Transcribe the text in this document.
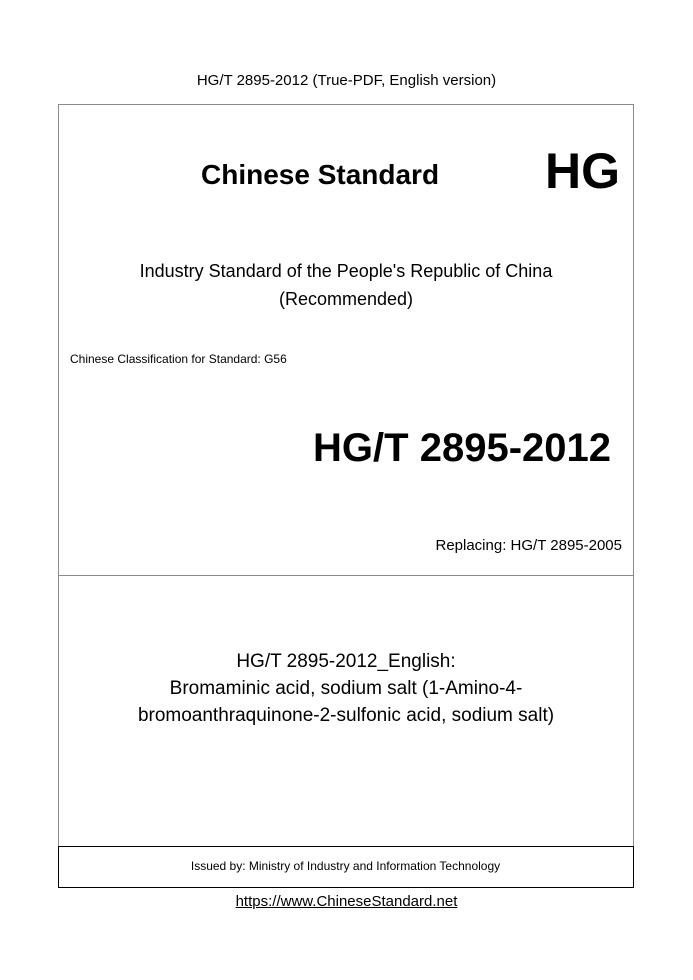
HG/T 2895-2012 (True-PDF, English version)
Chinese Standard HG
Industry Standard of the People's Republic of China
(Recommended)
Chinese Classification for Standard: G56
HG/T 2895-2012
Replacing: HG/T 2895-2005
HG/T 2895-2012_English:
Bromaminic acid, sodium salt (1-Amino-4-
bromoanthraquinone-2-sulfonic acid, sodium salt)
Issued by: Ministry of Industry and Information Technology
https://www.ChineseStandard.net
